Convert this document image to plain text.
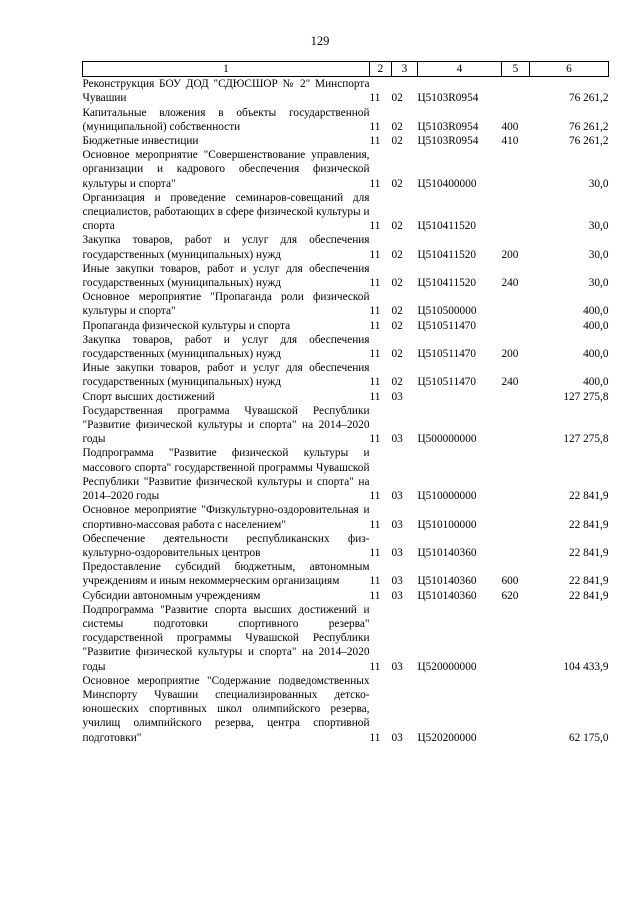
129
1	2	3	4	5	6
Реконструкция БОУ ДОД "СДЮСШОР № 2" Минспорта Чувашии	11	02	Ц5103R0954		76 261,2
Капитальные вложения в объекты государственной (муниципальной) собственности	11	02	Ц5103R0954	400	76 261,2
Бюджетные инвестиции	11	02	Ц5103R0954	410	76 261,2
Основное мероприятие "Совершенствование управления, организации и кадрового обеспечения физической культуры и спорта"	11	02	Ц510400000		30,0
Организация и проведение семинаров-совещаний для специалистов, работающих в сфере физической культуры и спорта	11	02	Ц510411520		30,0
Закупка товаров, работ и услуг для обеспечения государственных (муниципальных) нужд	11	02	Ц510411520	200	30,0
Иные закупки товаров, работ и услуг для обеспечения государственных (муниципальных) нужд	11	02	Ц510411520	240	30,0
Основное мероприятие "Пропаганда роли физической культуры и спорта"	11	02	Ц510500000		400,0
Пропаганда физической культуры и спорта	11	02	Ц510511470		400,0
Закупка товаров, работ и услуг для обеспечения государственных (муниципальных) нужд	11	02	Ц510511470	200	400,0
Иные закупки товаров, работ и услуг для обеспечения государственных (муниципальных) нужд	11	02	Ц510511470	240	400,0
Спорт высших достижений	11	03			127 275,8
Государственная программа Чувашской Республики "Развитие физической культуры и спорта" на 2014–2020 годы	11	03	Ц500000000		127 275,8
Подпрограмма "Развитие физической культуры и массового спорта" государственной программы Чувашской Республики "Развитие физической культуры и спорта" на 2014–2020 годы	11	03	Ц510000000		22 841,9
Основное мероприятие "Физкультурно-оздоровительная и спортивно-массовая работа с населением"	11	03	Ц510100000		22 841,9
Обеспечение деятельности республиканских физкультурно-оздоровительных центров	11	03	Ц510140360		22 841,9
Предоставление субсидий бюджетным, автономным учреждениям и иным некоммерческим организациям	11	03	Ц510140360	600	22 841,9
Субсидии автономным учреждениям	11	03	Ц510140360	620	22 841,9
Подпрограмма "Развитие спорта высших достижений и системы подготовки спортивного резерва" государственной программы Чувашской Республики "Развитие физической культуры и спорта" на 2014–2020 годы	11	03	Ц520000000		104 433,9
Основное мероприятие "Содержание подведомственных Минспорту Чувашии специализированных детско-юношеских спортивных школ олимпийского резерва, училищ олимпийского резерва, центра спортивной подготовки"	11	03	Ц520200000		62 175,0
